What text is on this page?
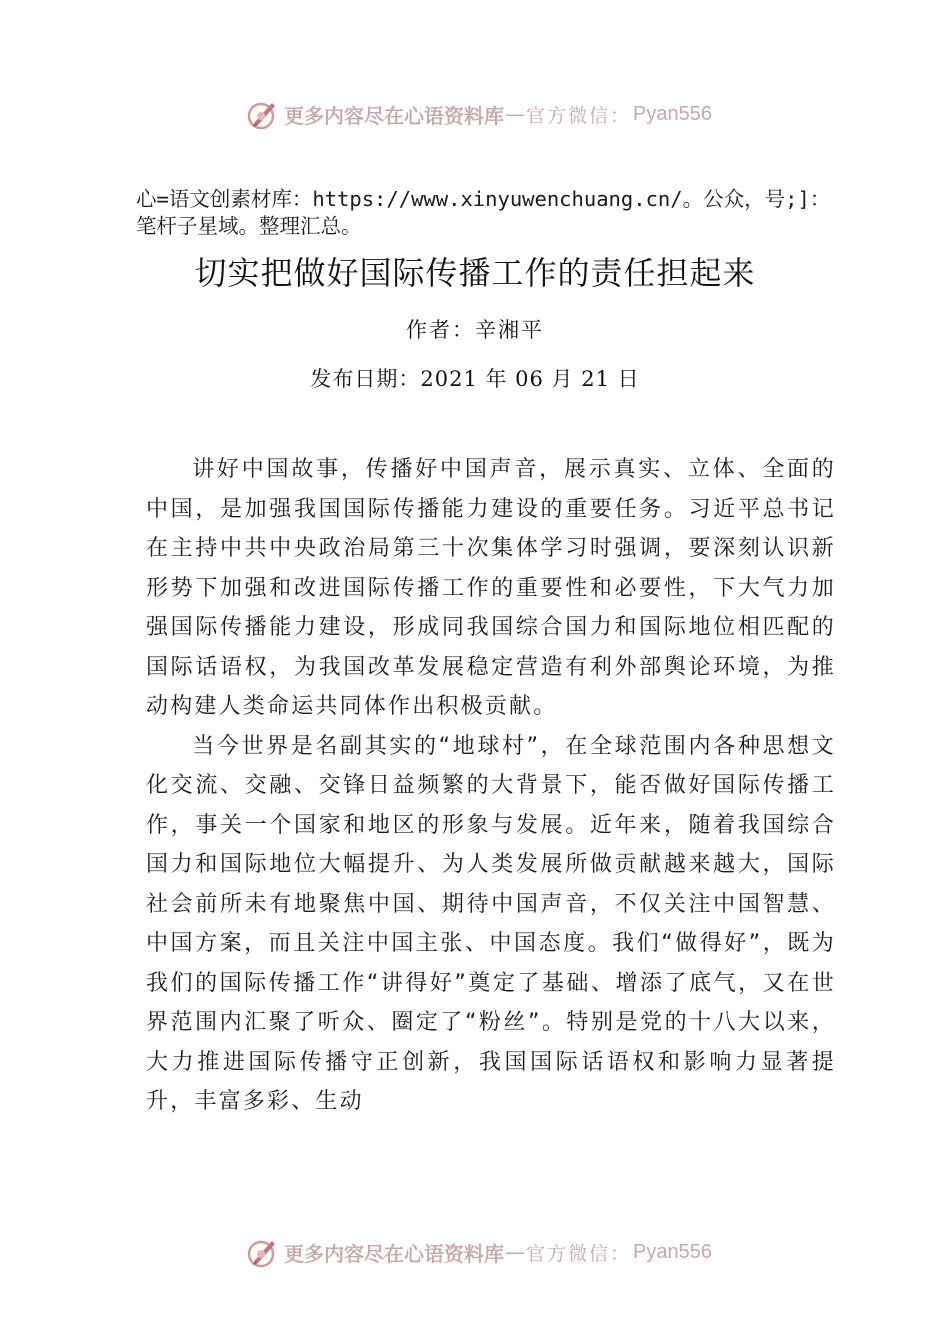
更多内容尽在心语资料库 — 官方微信： Pyan556
心=语文创素材库：https://www.xinyuwenchuang.cn/。公众，号;]：笔杆子星域。整理汇总。
切实把做好国际传播工作的责任担起来
作者：辛湘平
发布日期：2021 年 06 月 21 日

讲好中国故事，传播好中国声音，展示真实、立体、全面的中国，是加强我国国际传播能力建设的重要任务。习近平总书记在主持中共中央政治局第三十次集体学习时强调，要深刻认识新形势下加强和改进国际传播工作的重要性和必要性，下大气力加强国际传播能力建设，形成同我国综合国力和国际地位相匹配的国际话语权，为我国改革发展稳定营造有利外部舆论环境，为推动构建人类命运共同体作出积极贡献。

当今世界是名副其实的“地球村”，在全球范围内各种思想文化交流、交融、交锋日益频繁的大背景下，能否做好国际传播工作，事关一个国家和地区的形象与发展。近年来，随着我国综合国力和国际地位大幅提升、为人类发展所做贡献越来越大，国际社会前所未有地聚焦中国、期待中国声音，不仅关注中国智慧、中国方案，而且关注中国主张、中国态度。我们“做得好”，既为我们的国际传播工作“讲得好”奠定了基础、增添了底气，又在世界范围内汇聚了听众、圈定了“粉丝”。特别是党的十八大以来，大力推进国际传播守正创新，我国国际话语权和影响力显著提升，丰富多彩、生动

更多内容尽在心语资料库 — 官方微信： Pyan556
